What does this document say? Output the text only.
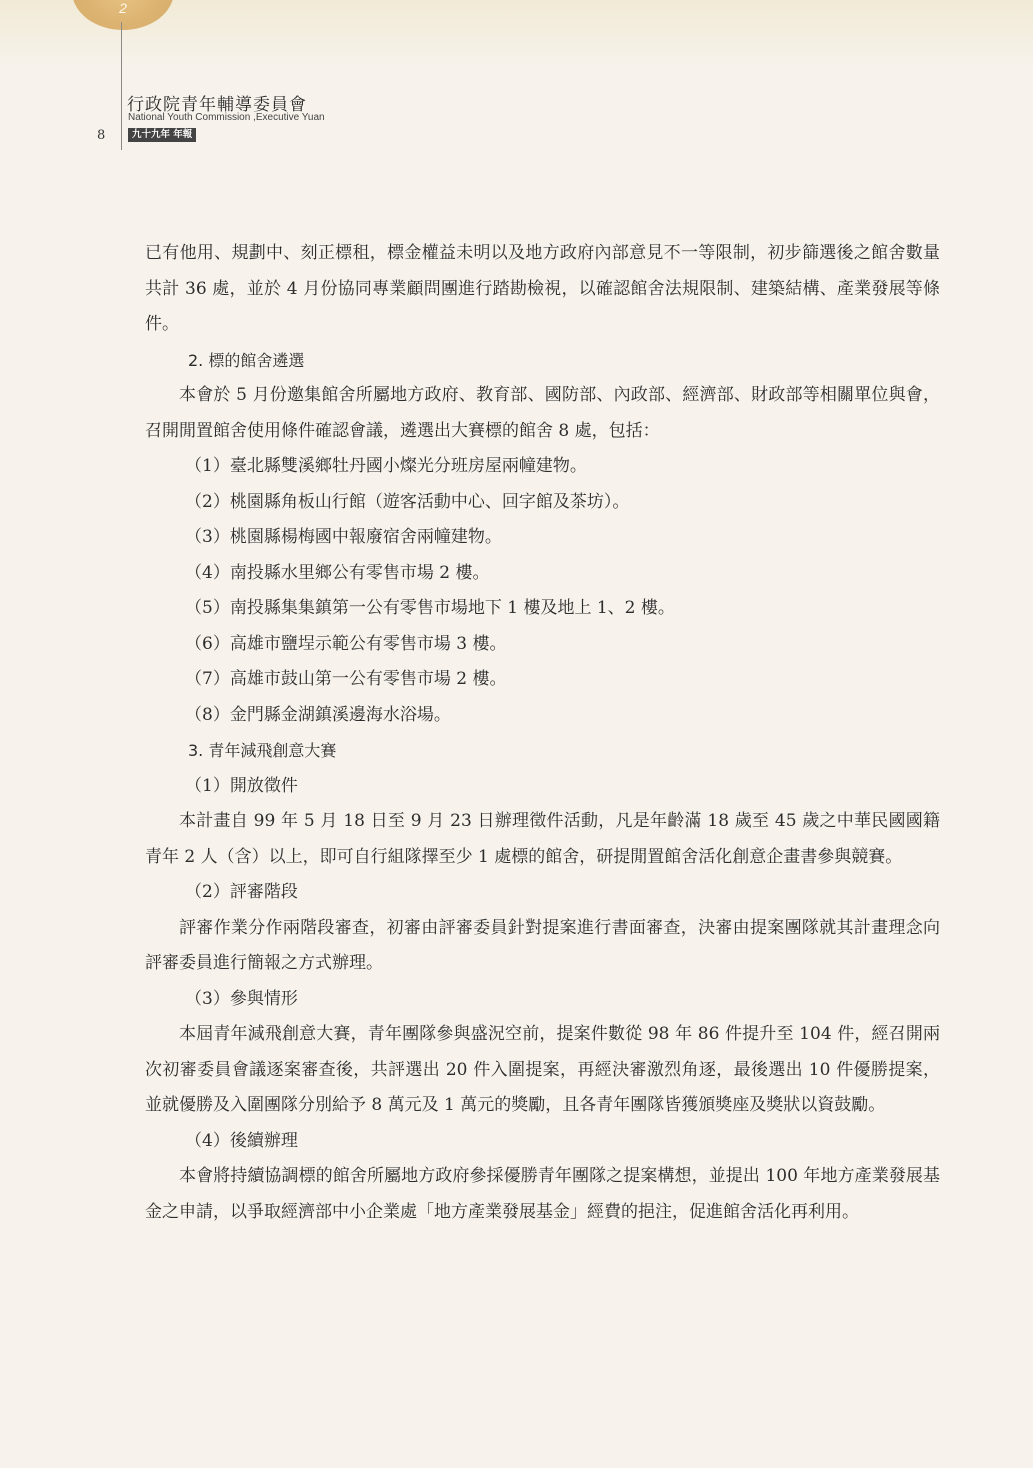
2
行政院青年輔導委員會
National Youth Commission ,Executive Yuan
九十九年 年報
8

已有他用、規劃中、刻正標租，標金權益未明以及地方政府內部意見不一等限制，初步篩選後之館舍數量共計 36 處，並於 4 月份協同專業顧問團進行踏勘檢視，以確認館舍法規限制、建築結構、產業發展等條件。

2. 標的館舍遴選

本會於 5 月份邀集館舍所屬地方政府、教育部、國防部、內政部、經濟部、財政部等相關單位與會，召開閒置館舍使用條件確認會議，遴選出大賽標的館舍 8 處，包括：

（1）臺北縣雙溪鄉牡丹國小燦光分班房屋兩幢建物。

（2）桃園縣角板山行館（遊客活動中心、回字館及茶坊）。

（3）桃園縣楊梅國中報廢宿舍兩幢建物。

（4）南投縣水里鄉公有零售市場 2 樓。

（5）南投縣集集鎮第一公有零售市場地下 1 樓及地上 1、2 樓。

（6）高雄市鹽埕示範公有零售市場 3 樓。

（7）高雄市鼓山第一公有零售市場 2 樓。

（8）金門縣金湖鎮溪邊海水浴場。

3. 青年減飛創意大賽

（1）開放徵件

本計畫自 99 年 5 月 18 日至 9 月 23 日辦理徵件活動，凡是年齡滿 18 歲至 45 歲之中華民國國籍青年 2 人（含）以上，即可自行組隊擇至少 1 處標的館舍，研提閒置館舍活化創意企畫書參與競賽。

（2）評審階段

評審作業分作兩階段審查，初審由評審委員針對提案進行書面審查，決審由提案團隊就其計畫理念向評審委員進行簡報之方式辦理。

（3）參與情形

本屆青年減飛創意大賽，青年團隊參與盛況空前，提案件數從 98 年 86 件提升至 104 件，經召開兩次初審委員會議逐案審查後，共評選出 20 件入圍提案，再經決審激烈角逐，最後選出 10 件優勝提案，並就優勝及入圍團隊分別給予 8 萬元及 1 萬元的獎勵，且各青年團隊皆獲頒獎座及獎狀以資鼓勵。

（4）後續辦理

本會將持續協調標的館舍所屬地方政府參採優勝青年團隊之提案構想，並提出 100 年地方產業發展基金之申請，以爭取經濟部中小企業處「地方產業發展基金」經費的挹注，促進館舍活化再利用。
